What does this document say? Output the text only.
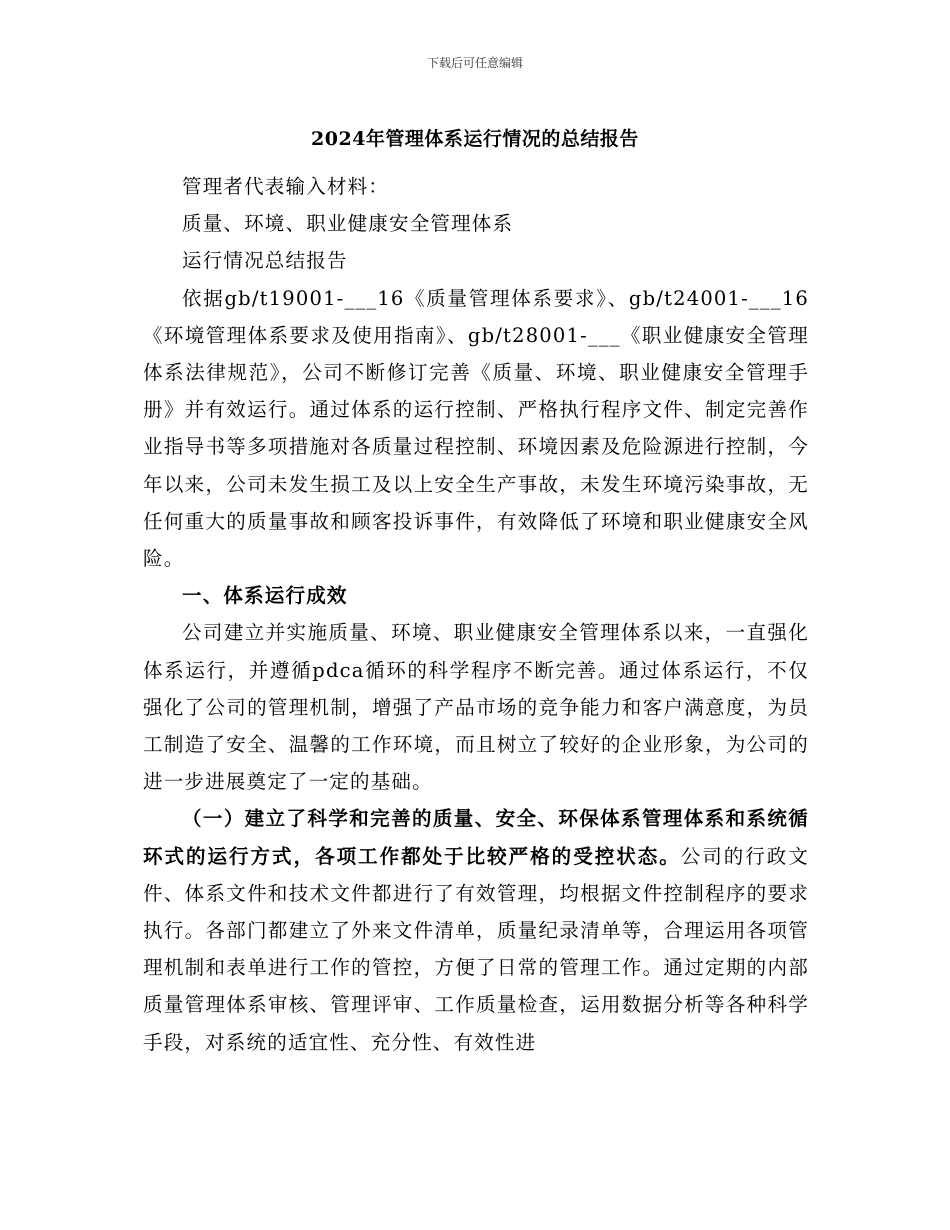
下载后可任意编辑
2024年管理体系运行情况的总结报告

管理者代表输入材料：

质量、环境、职业健康安全管理体系

运行情况总结报告

依据gb/t19001-___16《质量管理体系要求》、gb/t24001-___16《环境管理体系要求及使用指南》、gb/t28001-___《职业健康安全管理体系法律规范》，公司不断修订完善《质量、环境、职业健康安全管理手册》并有效运行。通过体系的运行控制、严格执行程序文件、制定完善作业指导书等多项措施对各质量过程控制、环境因素及危险源进行控制，今年以来，公司未发生损工及以上安全生产事故，未发生环境污染事故，无任何重大的质量事故和顾客投诉事件，有效降低了环境和职业健康安全风险。

一、体系运行成效

公司建立并实施质量、环境、职业健康安全管理体系以来，一直强化体系运行，并遵循pdca循环的科学程序不断完善。通过体系运行，不仅强化了公司的管理机制，增强了产品市场的竞争能力和客户满意度，为员工制造了安全、温馨的工作环境，而且树立了较好的企业形象，为公司的进一步进展奠定了一定的基础。

（一）建立了科学和完善的质量、安全、环保体系管理体系和系统循环式的运行方式，各项工作都处于比较严格的受控状态。公司的行政文件、体系文件和技术文件都进行了有效管理，均根据文件控制程序的要求执行。各部门都建立了外来文件清单，质量纪录清单等，合理运用各项管理机制和表单进行工作的管控，方便了日常的管理工作。通过定期的内部质量管理体系审核、管理评审、工作质量检查，运用数据分析等各种科学手段，对系统的适宜性、充分性、有效性进
